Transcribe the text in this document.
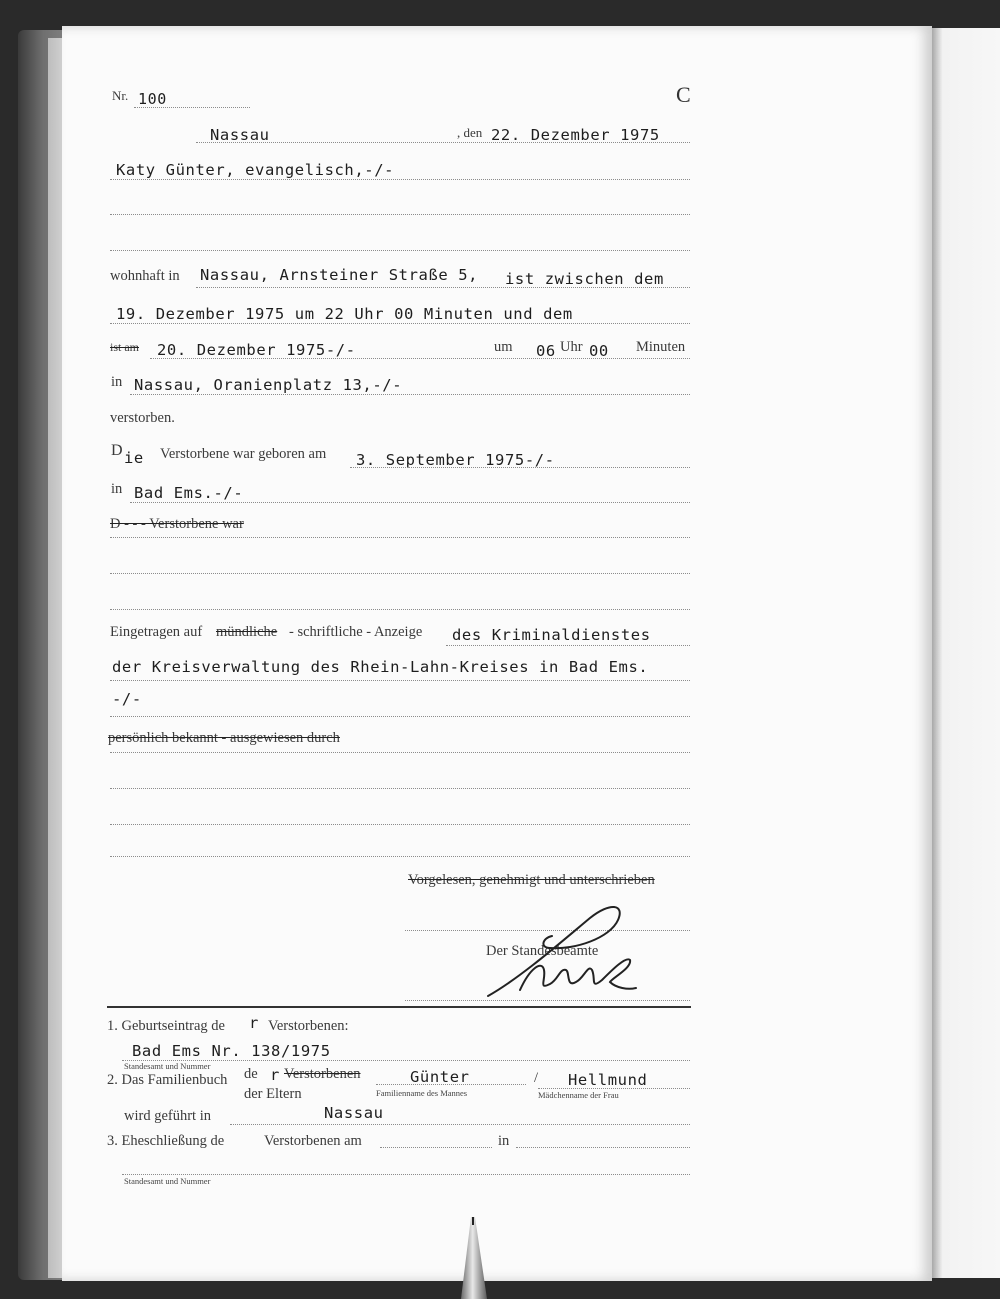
Nr. 100	C
Nassau	, den 22. Dezember 1975
Katy Günter, evangelisch,-/-
wohnhaft in Nassau, Arnsteiner Straße 5, ist zwischen dem
19. Dezember 1975 um 22 Uhr 00 Minuten und dem
ist am 20. Dezember 1975-/-	um 06 Uhr 00 Minuten
in Nassau, Oranienplatz 13,-/-
verstorben.
D ie Verstorbene war geboren am 3. September 1975-/-
in Bad Ems.-/-
D - - - Verstorbene war
Eingetragen auf mündliche - schriftliche - Anzeige des Kriminaldienstes
der Kreisverwaltung des Rhein-Lahn-Kreises in Bad Ems.
-/-
persönlich bekannt - ausgewiesen durch
Vorgelesen, genehmigt und unterschrieben
Der Standesbeamte
1. Geburtseintrag de r Verstorbenen:
Bad Ems Nr. 138/1975
Standesamt und Nummer
2. Das Familienbuch de r Verstorbenen
der Eltern
Günter
Familienname des Mannes
/ Hellmund
Mädchenname der Frau
wird geführt in	Nassau
3. Eheschließung de	Verstorbenen am	in
Standesamt und Nummer
